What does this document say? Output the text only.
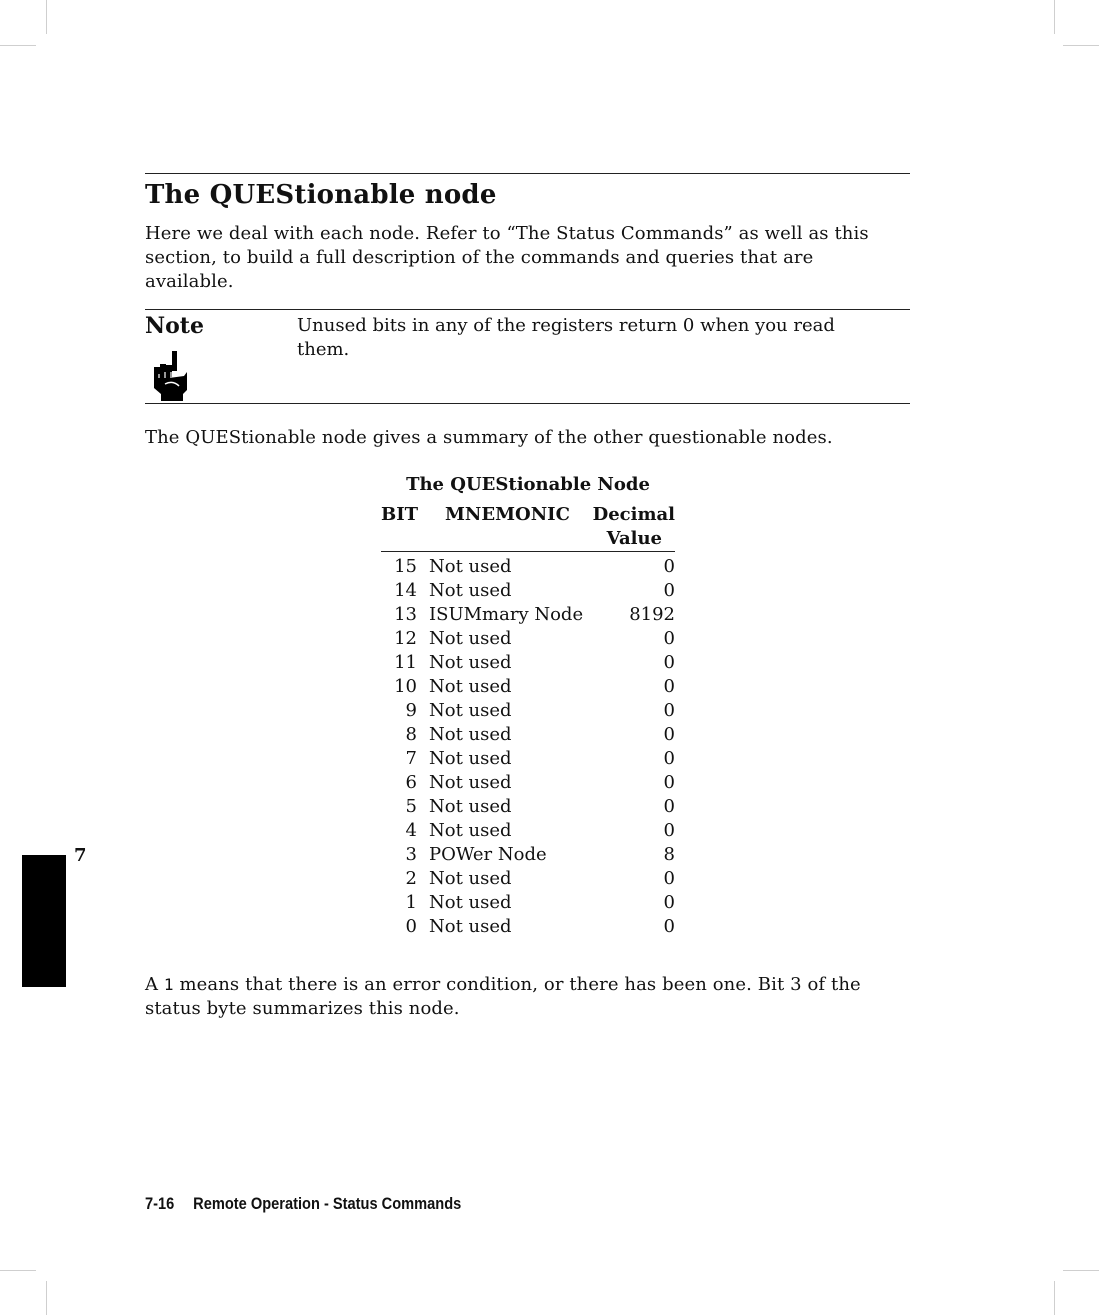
The QUEStionable node

Here we deal with each node. Refer to “The Status Commands” as well as this section, to build a full description of the commands and queries that are available.

Note	Unused bits in any of the registers return 0 when you read them.

The QUEStionable node gives a summary of the other questionable nodes.

The QUEStionable Node
BIT MNEMONIC Decimal
Value
15 Not used	0
14 Not used	0
13 ISUMmary Node	8192
12 Not used	0
11 Not used	0
10 Not used	0
9 Not used	0
8 Not used	0
7 Not used	0
6 Not used	0
5 Not used	0
4 Not used	0
3 POWer Node	8
2 Not used	0
1 Not used	0
0 Not used	0
7

A 1 means that there is an error condition, or there has been one. Bit 3 of the status byte summarizes this node.

7-16 Remote Operation - Status Commands
